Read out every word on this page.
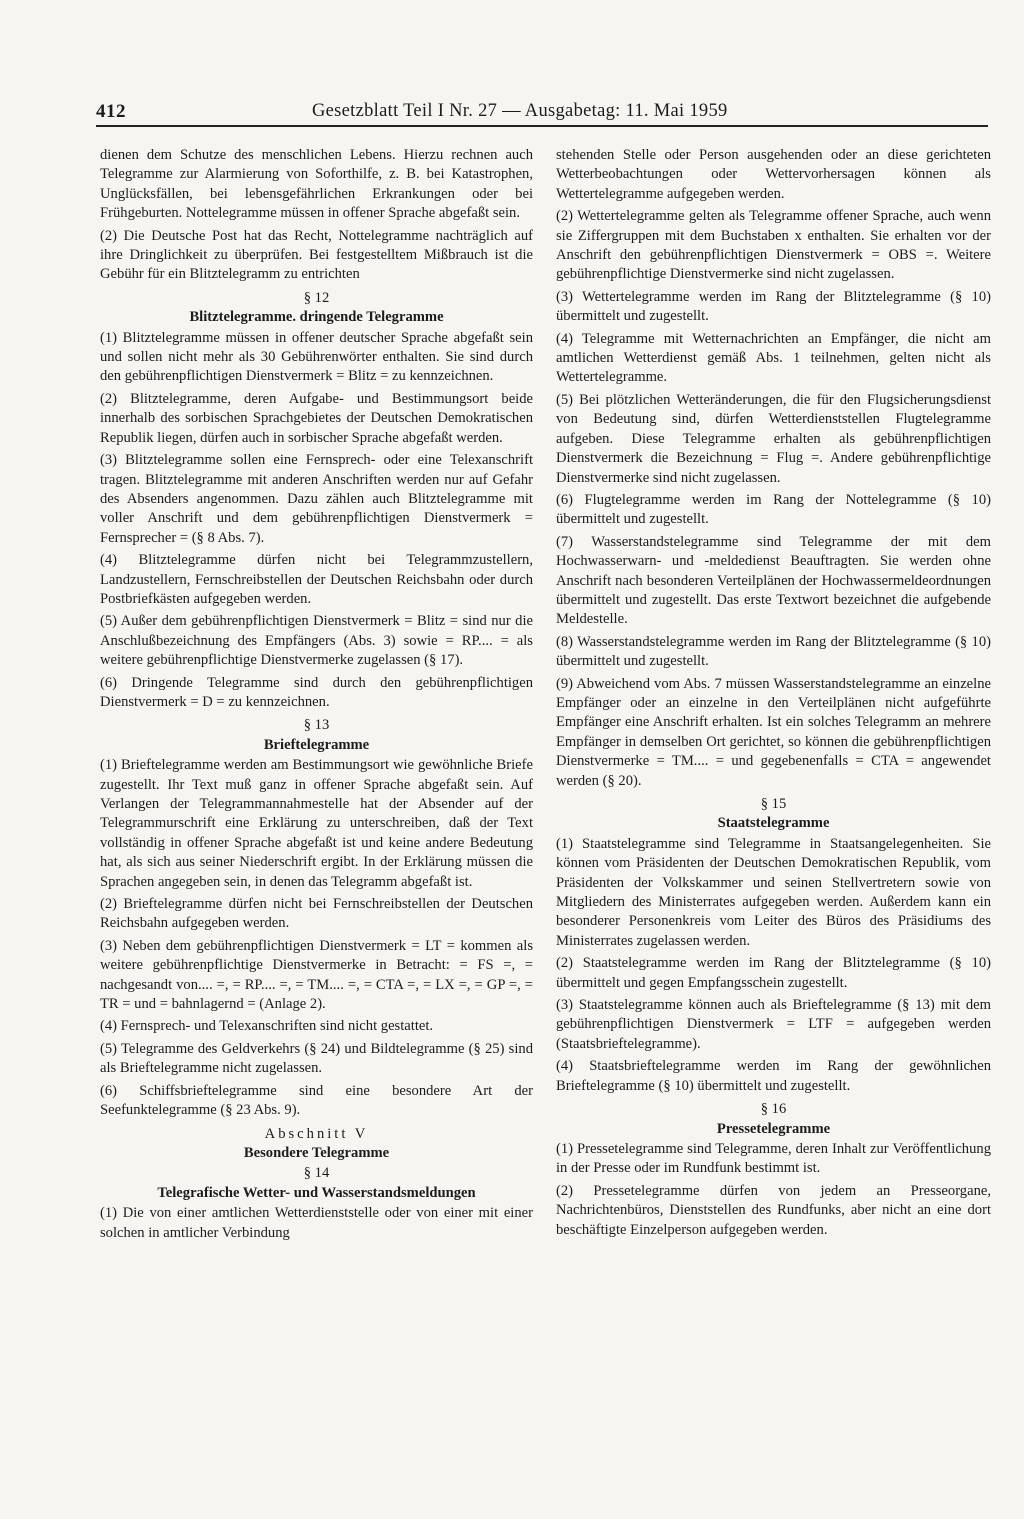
412	Gesetzblatt Teil I Nr. 27 — Ausgabetag: 11. Mai 1959

dienen dem Schutze des menschlichen Lebens. Hierzu rechnen auch Telegramme zur Alarmierung von Soforthilfe, z. B. bei Katastrophen, Unglücksfällen, bei lebensgefährlichen Erkrankungen oder bei Frühgeburten. Nottelegramme müssen in offener Sprache abgefaßt sein.

(2) Die Deutsche Post hat das Recht, Nottelegramme nachträglich auf ihre Dringlichkeit zu überprüfen. Bei festgestelltem Mißbrauch ist die Gebühr für ein Blitztelegramm zu entrichten

§ 12

Blitztelegramme. dringende Telegramme

(1) Blitztelegramme müssen in offener deutscher Sprache abgefaßt sein und sollen nicht mehr als 30 Gebührenwörter enthalten. Sie sind durch den gebührenpflichtigen Dienstvermerk = Blitz = zu kennzeichnen.

(2) Blitztelegramme, deren Aufgabe- und Bestimmungsort beide innerhalb des sorbischen Sprachgebietes der Deutschen Demokratischen Republik liegen, dürfen auch in sorbischer Sprache abgefaßt werden.

(3) Blitztelegramme sollen eine Fernsprech- oder eine Telexanschrift tragen. Blitztelegramme mit anderen Anschriften werden nur auf Gefahr des Absenders angenommen. Dazu zählen auch Blitztelegramme mit voller Anschrift und dem gebührenpflichtigen Dienstvermerk = Fernsprecher = (§ 8 Abs. 7).

(4) Blitztelegramme dürfen nicht bei Telegrammzustellern, Landzustellern, Fernschreibstellen der Deutschen Reichsbahn oder durch Postbriefkästen aufgegeben werden.

(5) Außer dem gebührenpflichtigen Dienstvermerk = Blitz = sind nur die Anschlußbezeichnung des Empfängers (Abs. 3) sowie = RP.... = als weitere gebührenpflichtige Dienstvermerke zugelassen (§ 17).

(6) Dringende Telegramme sind durch den gebührenpflichtigen Dienstvermerk = D = zu kennzeichnen.

§ 13

Brieftelegramme

(1) Brieftelegramme werden am Bestimmungsort wie gewöhnliche Briefe zugestellt. Ihr Text muß ganz in offener Sprache abgefaßt sein. Auf Verlangen der Telegrammannahmestelle hat der Absender auf der Telegrammurschrift eine Erklärung zu unterschreiben, daß der Text vollständig in offener Sprache abgefaßt ist und keine andere Bedeutung hat, als sich aus seiner Niederschrift ergibt. In der Erklärung müssen die Sprachen angegeben sein, in denen das Telegramm abgefaßt ist.

(2) Brieftelegramme dürfen nicht bei Fernschreibstellen der Deutschen Reichsbahn aufgegeben werden.

(3) Neben dem gebührenpflichtigen Dienstvermerk = LT = kommen als weitere gebührenpflichtige Dienstvermerke in Betracht: = FS =, = nachgesandt von.... =, = RP.... =, = TM.... =, = CTA =, = LX =, = GP =, = TR = und = bahnlagernd = (Anlage 2).

(4) Fernsprech- und Telexanschriften sind nicht gestattet.

(5) Telegramme des Geldverkehrs (§ 24) und Bildtelegramme (§ 25) sind als Brieftelegramme nicht zugelassen.

(6) Schiffsbrieftelegramme sind eine besondere Art der Seefunktelegramme (§ 23 Abs. 9).

Abschnitt V

Besondere Telegramme

§ 14

Telegrafische Wetter- und Wasserstandsmeldungen

(1) Die von einer amtlichen Wetterdienststelle oder von einer mit einer solchen in amtlicher Verbindung

stehenden Stelle oder Person ausgehenden oder an diese gerichteten Wetterbeobachtungen oder Wettervorhersagen können als Wettertelegramme aufgegeben werden.

(2) Wettertelegramme gelten als Telegramme offener Sprache, auch wenn sie Ziffergruppen mit dem Buchstaben x enthalten. Sie erhalten vor der Anschrift den gebührenpflichtigen Dienstvermerk = OBS =. Weitere gebührenpflichtige Dienstvermerke sind nicht zugelassen.

(3) Wettertelegramme werden im Rang der Blitztelegramme (§ 10) übermittelt und zugestellt.

(4) Telegramme mit Wetternachrichten an Empfänger, die nicht am amtlichen Wetterdienst gemäß Abs. 1 teilnehmen, gelten nicht als Wettertelegramme.

(5) Bei plötzlichen Wetteränderungen, die für den Flugsicherungsdienst von Bedeutung sind, dürfen Wetterdienststellen Flugtelegramme aufgeben. Diese Telegramme erhalten als gebührenpflichtigen Dienstvermerk die Bezeichnung = Flug =. Andere gebührenpflichtige Dienstvermerke sind nicht zugelassen.

(6) Flugtelegramme werden im Rang der Nottelegramme (§ 10) übermittelt und zugestellt.

(7) Wasserstandstelegramme sind Telegramme der mit dem Hochwasserwarn- und -meldedienst Beauftragten. Sie werden ohne Anschrift nach besonderen Verteilplänen der Hochwassermeldeordnungen übermittelt und zugestellt. Das erste Textwort bezeichnet die aufgebende Meldestelle.

(8) Wasserstandstelegramme werden im Rang der Blitztelegramme (§ 10) übermittelt und zugestellt.

(9) Abweichend vom Abs. 7 müssen Wasserstandstelegramme an einzelne Empfänger oder an einzelne in den Verteilplänen nicht aufgeführte Empfänger eine Anschrift erhalten. Ist ein solches Telegramm an mehrere Empfänger in demselben Ort gerichtet, so können die gebührenpflichtigen Dienstvermerke = TM.... = und gegebenenfalls = CTA = angewendet werden (§ 20).

§ 15

Staatstelegramme

(1) Staatstelegramme sind Telegramme in Staatsangelegenheiten. Sie können vom Präsidenten der Deutschen Demokratischen Republik, vom Präsidenten der Volkskammer und seinen Stellvertretern sowie von Mitgliedern des Ministerrates aufgegeben werden. Außerdem kann ein besonderer Personenkreis vom Leiter des Büros des Präsidiums des Ministerrates zugelassen werden.

(2) Staatstelegramme werden im Rang der Blitztelegramme (§ 10) übermittelt und gegen Empfangsschein zugestellt.

(3) Staatstelegramme können auch als Brieftelegramme (§ 13) mit dem gebührenpflichtigen Dienstvermerk = LTF = aufgegeben werden (Staatsbrieftelegramme).

(4) Staatsbrieftelegramme werden im Rang der gewöhnlichen Brieftelegramme (§ 10) übermittelt und zugestellt.

§ 16

Pressetelegramme

(1) Pressetelegramme sind Telegramme, deren Inhalt zur Veröffentlichung in der Presse oder im Rundfunk bestimmt ist.

(2) Pressetelegramme dürfen von jedem an Presseorgane, Nachrichtenbüros, Dienststellen des Rundfunks, aber nicht an eine dort beschäftigte Einzelperson aufgegeben werden.
